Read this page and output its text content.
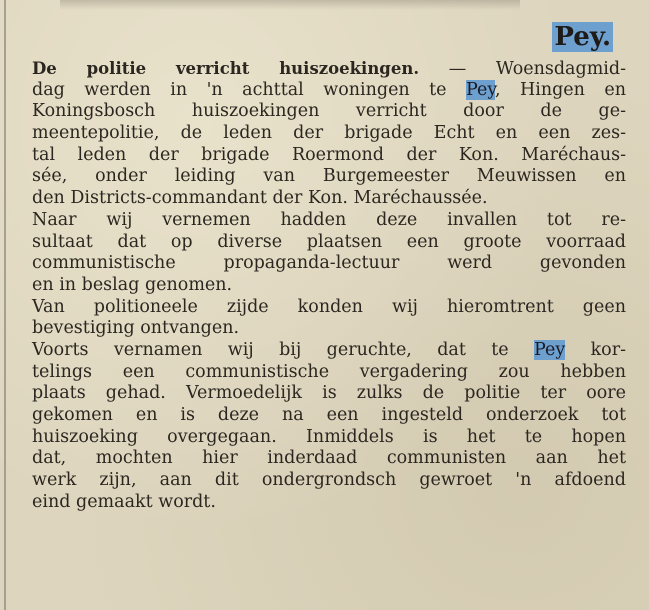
Pey.
De politie verricht huiszoekingen. — Woensdagmid-
dag werden in 'n achttal woningen te Pey, Hingen en
Koningsbosch huiszoekingen verricht door de ge-
meentepolitie, de leden der brigade Echt en een zes-
tal leden der brigade Roermond der Kon. Maréchaus-
sée, onder leiding van Burgemeester Meuwissen en
den Districts-commandant der Kon. Maréchaussée.
Naar wij vernemen hadden deze invallen tot re-
sultaat dat op diverse plaatsen een groote voorraad
communistische propaganda-lectuur werd gevonden
en in beslag genomen.
Van politioneele zijde konden wij hieromtrent geen
bevestiging ontvangen.
Voorts vernamen wij bij geruchte, dat te Pey kor-
telings een communistische vergadering zou hebben
plaats gehad. Vermoedelijk is zulks de politie ter oore
gekomen en is deze na een ingesteld onderzoek tot
huiszoeking overgegaan. Inmiddels is het te hopen
dat, mochten hier inderdaad communisten aan het
werk zijn, aan dit ondergrondsch gewroet 'n afdoend
eind gemaakt wordt.
